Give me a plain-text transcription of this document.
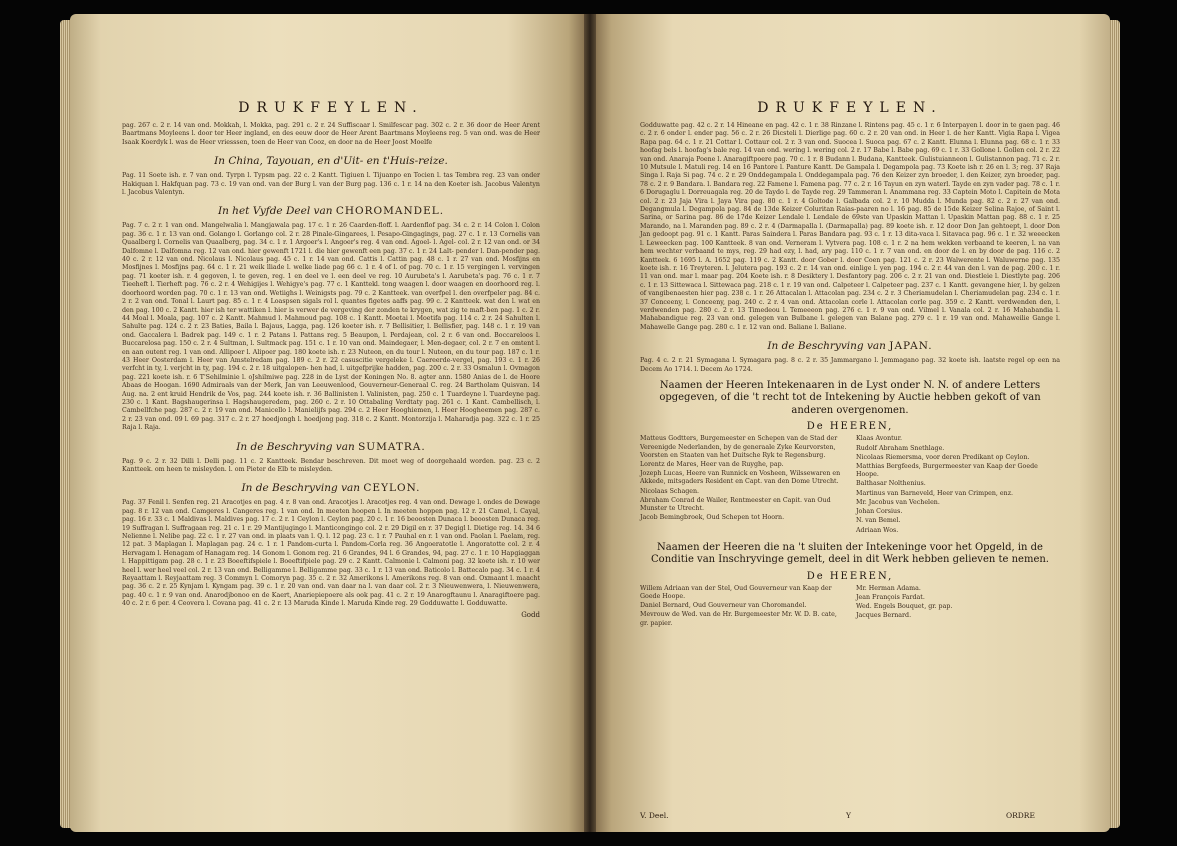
DRUKFEYLEN.

pag. 267 c. 2 r. 14 van ond. Mokkah, l. Mokka, pag. 291 c. 2 r. 24 Suffiscaar l. Smilfescar pag. 302 c. 2 r. 36 door de Heer Arent Baartmans Moyleens l. door ter Heer ingland, en des eeuw door de Heer Arent Baartmans Moyleens reg. 5 van ond. was de Heer Isaak Koerdyk l. was de Heer vriesssen, toen de Heer van Cooz, en door na de Heer Joost Moelfe

In China, Tayouan, en d'Uit- en t'Huis-reize.

Pag. 11 Soete ish. r. 7 van ond. Tyrpn l. Typsm pag. 22 c. 2 Kantt. Tigiuen l. Tijuanpo en Tocien l. tas Tembra reg. 23 van onder Hakiquan l. Hakfquan pag. 73 c. 19 van ond. van der Burg l. van der Burg pag. 136 c. 1 r. 14 na den Koeter ish. Jacobus Valentyn l. Jacobus Valentyn.

In het Vyfde Deel van CHOROMANDEL.

Pag. 7 c. 2 r. 1 van ond. Mangelwalia l. Mangjawala pag. 17 c. 1 r. 26 Caarden-floff. l. Aardenflof pag. 34 c. 2 r. 14 Colon l. Colon pag. 36 c. 1 r. 13 van ond. Golango l. Gorlango col. 2 r. 28 Pinale-Gingarees, l. Pesapo-Gingagings, pag. 27 c. 1 r. 13 Cornelis van Quaalberg l. Cornelis van Quaalberg, pag. 34 c. 1 r. 1 Argoer's l. Angoer's reg. 4 van ond. Agoel- l. Agel- col. 2 r. 12 van ond. or 34 Dalfomne l. Dalfomna reg. 12 van ond. hier gewenft 1721 l. die hier gewenft een pag. 37 c. 1 r. 24 Lalt- pender l. Dan-pender pag. 40 c. 2 r. 12 van ond. Nicolaus l. Nicolaus pag. 45 c. 1 r. 14 van ond. Cattis l. Cattin pag. 48 c. 1 r. 27 van ond. Mosfijns en Mosfijnes l. Mosfijns pag. 64 c. 1 r. 21 weik lliade l. welke liade pag 66 c. 1 r. 4 of l. of pag. 70 c. 1 r. 15 vergingen l. vervingen pag. 71 koeter ish. r. 4 gegoven, l. te geven, reg. 1 en deel ve l. een deel ve reg. 10 Aurubeta's l. Aarubeta's pag. 76 c. 1 r. 7 Tieeheft l. Tierheft pag. 76 c. 2 r. 4 Wehigijes l. Wehigye's pag. 77 c. 1 Kanttekl. tong waagen l. door waagen en doorhoord reg. l. doorhoord worden pag. 70 c. 1 r. 13 van ond. Wetiighs l. Weinigsts pag. 79 c. 2 Kantteek. van overfpel l. den overfpeler pag. 84 c. 2 r. 2 van ond. Tonal l. Laurt pag. 85 c. 1 r. 4 Loaspsen sigals rol l. quantes figetes aaffs pag. 99 c. 2 Kantteek. wat den l. wat en den pag. 100 c. 2 Kantt. hier ish ter wattiken l. hier is verwer de vergeving der zonden te krygen, wat zig te maft-ben pag. 1 c. 2 r. 44 Moal l. Moala, pag. 107 c. 2 Kantt. Mahmud l. Mahmoud pag. 108 c. 1 Kantt. Moetai l. Moetifa pag. 114 c. 2 r. 24 Sahulten l. Sahulte pag. 124 c. 2 r. 23 Baties, Baila l. Bajaus, Lagga, pag. 126 koeter ish. r. 7 Bellisitier, l. Bellisfier, pag. 148 c. 1 r. 19 van ond. Gaccalera l. Badrek pag. 149 c. 1 r. 2 Patans l. Pattans reg. 5 Beaupon, l. Perdajean, col. 2 r. 6 van ond. Boccareloos l. Buccarelosa pag. 150 c. 2 r. 4 Sultman, l. Sultmack pag. 151 c. 1 r. 10 van ond. Maindegaer, l. Men-degaer, col. 2 r. 7 en omtent l. en aan outent reg. 1 van ond. Allipoer l. Alipoer pag. 180 koete ish. r. 23 Nuteon, en du tour l. Nuteon, en du tour pag. 187 c. 1 r. 43 Heer Oosterdam l. Heer van Amstelredam pag. 189 c. 2 r. 22 casuscitie vergeleke l. Caereerde-vergel, pag. 193 c. 1 r. 26 verfcht in ty, l. verjcht in ty, pag. 194 c. 2 r. 18 uitgalopen- hen had, l. uitgefprijke hadden, pag. 200 c. 2 r. 33 Osmalun l. Ovmagon pag. 221 koete ish. r. 6 T'Sehilminie l. oJshilmiwe pag. 228 in de Lyst der Koningen No. 8. agter ann. 1580 Anias de l. de Hoore Abaas de Hoogan. 1690 Admiraals van der Merk, Jan van Leeuwenlood, Gouverneur-Generaal C. reg. 24 Bartholam Quisvan. 14 Aug. na. 2 ent kruid Hendrik de Vos, pag. 244 koete ish. r. 36 Ballinisten l. Valinisten, pag. 250 c. 1 Tuardeyne l. Tuardeyne pag. 230 c. 1 Kant. Bagshaugerinsa l. Hagshaugeredem, pag. 260 c. 2 r. 10 Ottabaling Verdtaty pag. 261 c. 1 Kant. Cambellisch, l. Cambellfche pag. 287 c. 2 r. 19 van ond. Manicello l. Manielijfs pag. 294 c. 2 Heer Hooghiemen, l. Heer Hoogheemen pag. 287 c. 2 r. 23 van ond. 09 l. 69 pag. 317 c. 2 r. 27 hoedjongh l. hoedjong pag. 318 c. 2 Kantt. Montorzija l. Maharadja pag. 322 c. 1 r. 25 Raja l. Raja.

In de Beschryving van SUMATRA.

Pag. 9 c. 2 r. 32 Dilli l. Delli pag. 11 c. 2 Kantteek. Bendar beschreven. Dit moet weg of doorgehaald worden. pag. 23 c. 2 Kantteek. om heen te misleyden. l. om Pieter de Elb te misleyden.

In de Beschryving van CEYLON.

Pag. 37 Fenil l. Senfen reg. 21 Aracotjes en pag. 4 r. 8 van ond. Aracotjes l. Aracotjes reg. 4 van ond. Dewage l. ondes de Dewage pag. 8 r. 12 van ond. Camgeres l. Cangeres reg. 1 van ond. In meeten hoopen l. In meeten hoppen pag. 12 r. 21 Camel, l. Cayal, pag. 16 r. 33 c. 1 Maldivas l. Maldives pag. 17 c. 2 r. 1 Ceylon l. Ceylon pag. 20 c. 1 r. 16 beoosten Dunaca l. beoosten Dunaca reg. 19 Suffragan l. Suffragaan reg. 21 c. 1 r. 29 Mantijugingo l. Manticongingo col. 2 r. 29 Digil en r. 37 Degigl l. Dietige reg. 14. 34 6 Nelienne l. Nelibe pag. 22 c. 1 r. 27 van ond. in plaats van l. Q. l. 12 pag. 23 c. 1 r. 7 Pauhal en r. 1 van ond. Paolan l. Paelam, reg. 12 pat. 3 Maplagan l. Maplagan pag. 24 c. 1 r. 1 Pandom-curta l. Pandom-Corla reg. 36 Angoeratotle l. Angoratotte col. 2 r. 4 Hervagam l. Henagam of Hanagam reg. 14 Gonom l. Gonom reg. 21 6 Grandes, 94 l. 6 Grandes, 94, pag. 27 c. 1 r. 10 Hapgiaggan l. Happittigam pag. 28 c. 1 r. 23 Boeeftifspiele l. Boeeftifpiele pag. 29 c. 2 Kantt. Calmonie l. Calmoni pag. 32 koete ish. r. 10 wer heel l. wer heel veel col. 2 r. 13 van ond. Belligamme l. Belligamme pag. 33 c. 1 r. 13 van ond. Baticolo l. Battecalo pag. 34 c. 1 r. 4 Reyaattam l. Reyjaattam reg. 3 Commyn l. Comoryn pag. 35 c. 2 r. 32 Amerikons l. Amerikons reg. 8 van ond. Oxmaant l. maacht pag. 36 c. 2 r. 25 Kynjam l. Kyngam pag. 39 c. 1 r. 20 van ond. van daar na l. van daar col. 2 r. 3 Nieuwenwera, l. Nieuwenwera, pag. 40 c. 1 r. 9 van ond. Anarodjbonoo en de Kaert, Anariepiepoere als ook pag. 41 c. 2 r. 19 Anarogftaunu l. Anaragiftoere pag. 40 c. 2 r. 6 per. 4 Ceovera l. Covana pag. 41 c. 2 r. 13 Maruda Kinde l. Maruda Kinde reg. 29 Godduwatte l. Godduwatte.

Godd
DRUKFEYLEN.

Godduwatte pag. 42 c. 2 r. 14 Hineane en pag. 42 c. 1 r. 38 Rinzane l. Rintens pag. 45 c. 1 r. 6 Interpayen l. door in te gaen pag. 46 c. 2 r. 6 onder l. ender pag. 56 c. 2 r. 26 Dicsteli l. Dierlige pag. 60 c. 2 r. 20 van ond. in Heer l. de her Kantt. Vigia Rapa l. Vigea Rapa pag. 64 c. 1 r. 21 Cottar l. Cottaur col. 2 r. 3 van ond. Suocea l. Suoca pag. 67 c. 2 Kantt. Elunna l. Elunna pag. 68 c. 1 r. 33 hoofag bels l. hoofag's bale reg. 14 van ond. wering l. wering col. 2 r. 17 Babe l. Babe pag. 69 c. 1 r. 33 Gollone l. Gollen col. 2 r. 22 van ond. Anaraja Poene l. Anaragiftpoere pag. 70 c. 1 r. 8 Budann l. Budana, Kantteek. Gulistuianneon l. Gulistannon pag. 71 c. 2 r. 10 Mutsule l. Matuli reg. 14 en 16 Pantore l. Panture Kantt. De Gampala l. Degampola pag. 73 Koete ish r. 26 en l. 3; reg. 37 Raja Singa l. Raja Si pag. 74 c. 2 r. 29 Onddegampala l. Onddegampala pag. 76 den Keizer zyn broeder, l. den Keizer, zyn broeder, pag. 78 c. 2 r. 9 Bandara. l. Bandara reg. 22 Famene l. Famena pag. 77 c. 2 r. 16 Tayun en zyn waterl. Tayde en zyn vader pag. 78 c. 1 r. 6 Dorugaglu l. Dorreuagala reg. 20 de Taydo l. de Tayde reg. 29 Tammeran l. Anammana reg. 33 Captein Moto l. Capitein de Mota col. 2 r. 23 Jaja Vira l. Jaya Vira pag. 80 c. 1 r. 4 Goltode l. Galbada col. 2 r. 10 Mudda l. Munda pag. 82 c. 2 r. 27 van ond. Degangmula l. Degampola pag. 84 de 13de Keizer Coluritan Raias-paaren no l. 16 pag. 85 de 15de Keizer Selina Rajoe, of Saint l. Sarina, or Sarina pag. 86 de 17de Keizer Lendale l. Lendale de 69ste van Upaskin Mattan l. Upaskin Mattan pag. 88 c. 1 r. 25 Marando, na l. Maranden pag. 89 c. 2 r. 4 (Darmapalla l. (Darmapalla) pag. 89 koete ish. r. 12 door Don Jan gehtoept, l. door Don Jan gedoopt pag. 91 c. 1 Kantt. Paras Saindera l. Paras Bandara pag. 93 c. 1 r. 13 dita-vaca l. Sitavaca pag. 96 c. 1 r. 32 weeecken l. Leweecken pag. 100 Kantteek. 8 van ond. Verneram l. Vytvera pag. 108 c. 1 r. 2 na hem wekken verbaand te keeren, l. na van hem wechter verbaand te mys, reg. 29 had ezy, l. had, ary pag. 110 c. 1 r. 7 van ond. en door de l. en by door de pag. 116 c. 2 Kantteek. 6 1695 l. A. 1652 pag. 119 c. 2 Kantt. door Gober l. door Coen pag. 121 c. 2 r. 23 Walwerente l. Waluwerne pag. 135 koete ish. r. 16 Treyteren. l. Jelutera pag. 193 c. 2 r. 14 van ond. einlige l. yen pag. 194 c. 2 r. 44 van den l. van de pag. 200 c. 1 r. 11 van ond. mar l. maar pag. 204 Koete ish. r. 8 Desiktery l. Desfantory pag. 206 c. 2 r. 21 van ond. Diestleie l. Diestlyte pag. 206 c. 1 r. 13 Sittewaca l. Sittewaca pag. 218 c. 1 r. 19 van ond. Calpeteer l. Calpeteer pag. 237 c. 1 Kantt. gevangene hier, l. by gelzen of vangibenaesten hier pag. 238 c. 1 r. 26 Attacalan l. Attacolan pag. 234 c. 2 r. 3 Cheriamudelan l. Cheriamudelan pag. 234 c. 1 r. 37 Conceeny, l. Conceeny, pag. 240 c. 2 r. 4 van ond. Attacolan corle l. Attacolan corle pag. 359 c. 2 Kantt. verdwenden den, l. verdwenden pag. 280 c. 2 r. 13 Timedeou l. Temeeeon pag. 276 c. 1 r. 9 van ond. Vilmel l. Vanala col. 2 r. 16 Mahabandia l. Mahabandigue reg. 23 van ond. gelegen van Bulbane l. gelegen van Balane pag. 279 c. 1 r. 19 van ond. Mahaweilie Gange l. Mahawelle Gange pag. 280 c. 1 r. 12 van ond. Baliane l. Baliane.

In de Beschryving van JAPAN.

Pag. 4 c. 2 r. 21 Symagana l. Symagara pag. 8 c. 2 r. 35 Jammargano l. Jemmagano pag. 32 koete ish. laatste regel op een na Decem Ao 1714. l. Decem Ao 1724.

Naamen der Heeren Intekenaaren in de Lyst onder N. N. of andere Letters opgegeven, of die 't recht tot de Intekening by Auctie hebben gekoft of van anderen overgenomen.
De HEEREN,

Matteus Godtters, Burgemeester en Schepen van de Stad der Vereenigde Nederlanden, by de generaale Zyke Keurvorsten, Voorsten en Staaten van het Duitsche Ryk te Regensburg.

Lorentz de Mares, Heer van de Ruyghe, pap.

Jozeph Lucas, Heere van Runnick en Vosheen, Wilssewaren en Akkede, mitsgaders Resident en Capt. van den Dome Utrecht.

Nicolaas Schagen.

Abraham Conrad de Wailer, Rentmeester en Capit. van Oud Munster te Utrecht.

Jacob Bemingbroek, Oud Schepen tot Hoorn.

Klaas Avontur.

Rudolf Abraham Snethlage.

Nicolaas Riemersma, voor deren Predikant op Ceylon.

Matthias Bergfeeds, Burgermeester van Kaap der Goede Hoope.

Balthasar Nolthenius.

Martinus van Barneveld, Heer van Crimpen, enz.

Mr. Jacobus van Vechelen.

Johan Corsius.

N. van Bemel.

Adriaan Wos.

Naamen der Heeren die na 't sluiten der Intekeninge voor het Opgeld, in de Conditie van Inschryvinge gemelt, deel in dit Werk hebben gelieven te nemen.
De HEEREN,

Willem Adriaan van der Stel, Oud Gouverneur van Kaap der Goede Hoope.

Daniel Bernard, Oud Gouverneur van Choromandel.

Mevrouw de Wed. van de Hr. Burgemeester Mr. W. D. B. cate, gr. papier.

Mr. Herman Adama.

Jean François Fardat.

Wed. Engels Bouquet, gr. pap.

Jacques Bernard.

V. Deel.	Y	ORDRE
